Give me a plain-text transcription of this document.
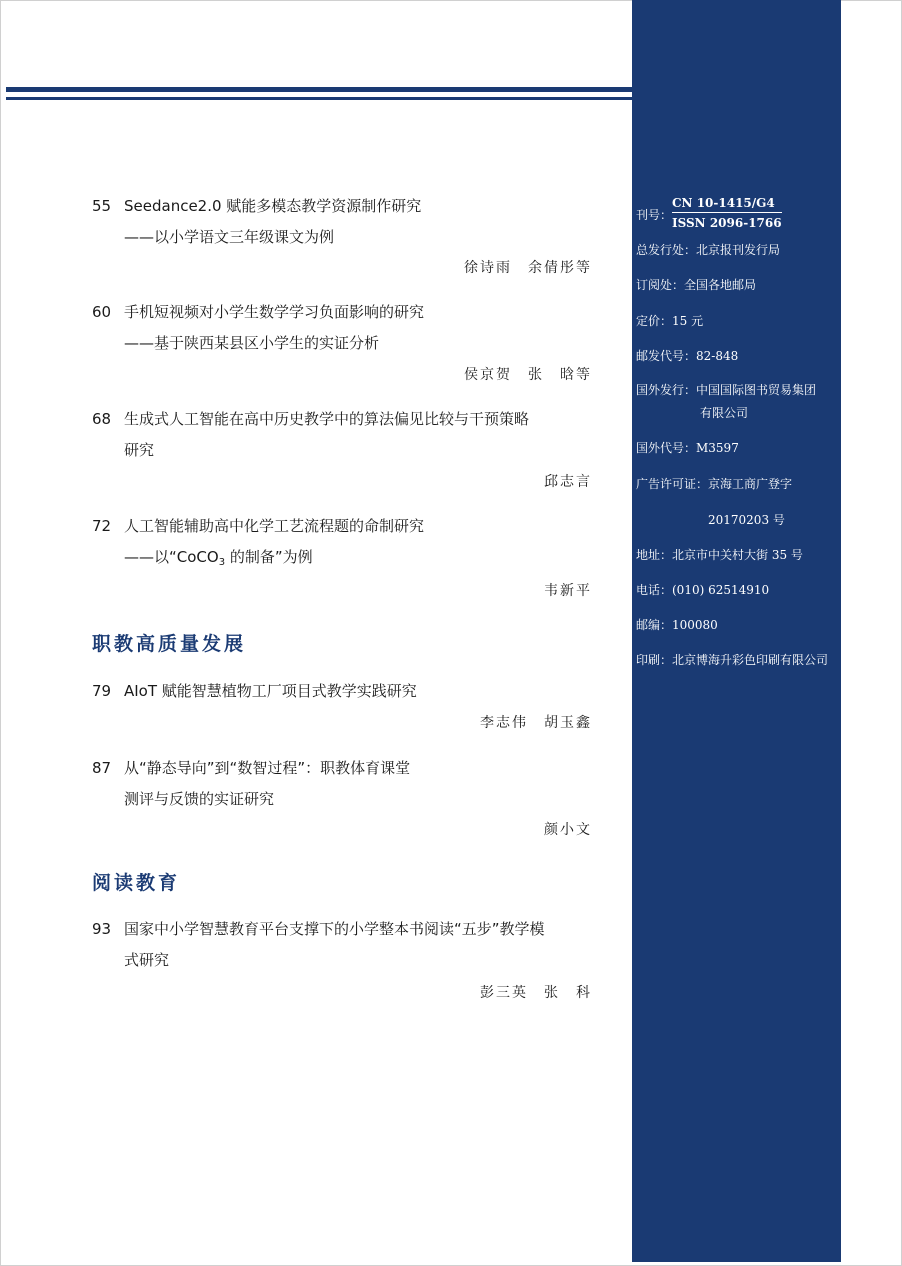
55 Seedance2.0 赋能多模态教学资源制作研究
——以小学语文三年级课文为例
徐诗雨　余倩彤等
60 手机短视频对小学生数学学习负面影响的研究
——基于陕西某县区小学生的实证分析
侯京贺　张　晗等
68 生成式人工智能在高中历史教学中的算法偏见比较与干预策略
研究
邱志言
72 人工智能辅助高中化学工艺流程题的命制研究
——以“CoCO$_3$ 的制备”为例
韦新平
职教高质量发展
79 AIoT 赋能智慧植物工厂项目式教学实践研究
李志伟　胡玉鑫
87 从“静态导向”到“数智过程”：职教体育课堂
测评与反馈的实证研究
颜小文
阅读教育
93 国家中小学智慧教育平台支撑下的小学整本书阅读“五步”教学模
式研究
彭三英　张　科
刊号：
CN 10-1415/G4
ISSN 2096-1766
总发行处：北京报刊发行局
订阅处：全国各地邮局
定价：15 元
邮发代号：82-848
国外发行：中国国际图书贸易集团
有限公司
国外代号：M3597
广告许可证：京海工商广登字
20170203 号
地址：北京市中关村大街 35 号
电话：(010) 62514910
邮编：100080
印刷：北京博海升彩色印刷有限公司
